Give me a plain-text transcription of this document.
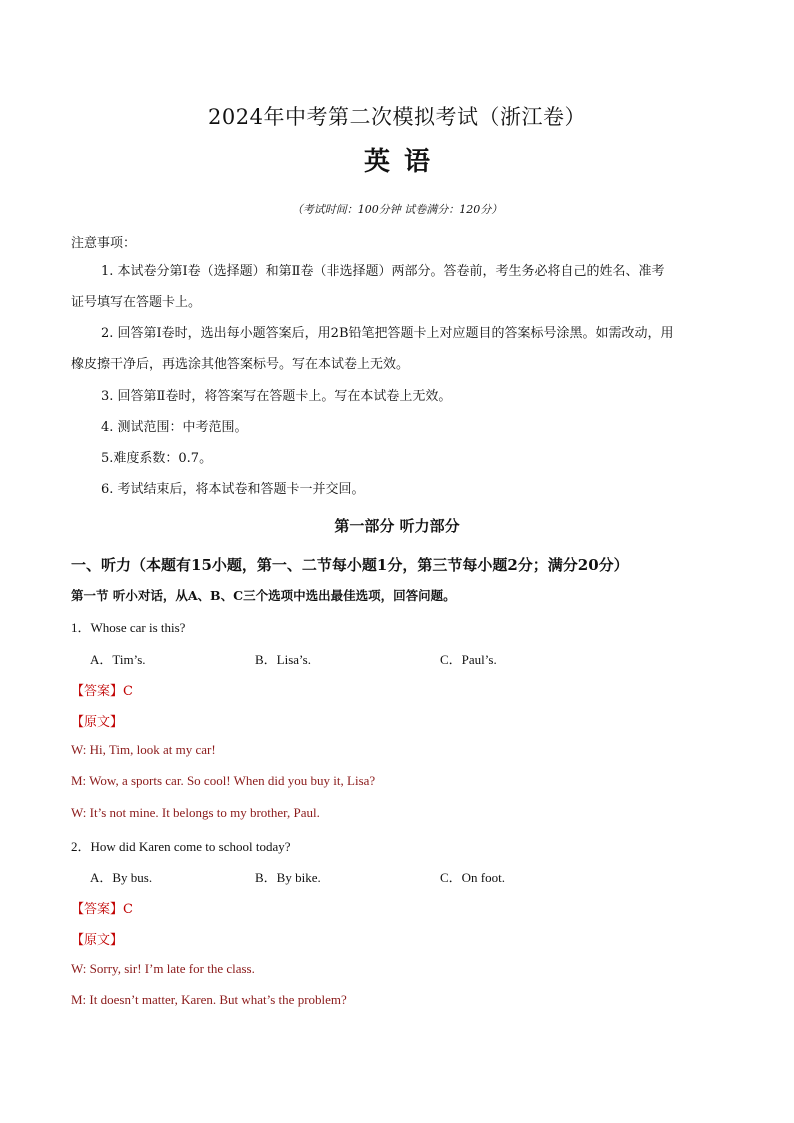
2024年中考第二次模拟考试（浙江卷）
英语
（考试时间：100分钟 试卷满分：120分）
注意事项：
1. 本试卷分第Ⅰ卷（选择题）和第Ⅱ卷（非选择题）两部分。答卷前，考生务必将自己的姓名、准考
证号填写在答题卡上。
2. 回答第Ⅰ卷时，选出每小题答案后，用2B铅笔把答题卡上对应题目的答案标号涂黑。如需改动，用
橡皮擦干净后，再选涂其他答案标号。写在本试卷上无效。
3. 回答第Ⅱ卷时，将答案写在答题卡上。写在本试卷上无效。
4. 测试范围：中考范围。
5.难度系数：0.7。
6. 考试结束后，将本试卷和答题卡一并交回。
第一部分 听力部分
一、听力（本题有15小题，第一、二节每小题1分，第三节每小题2分；满分20分）
第一节 听小对话，从A、B、C三个选项中选出最佳选项，回答问题。
1．Whose car is this?
A．Tim’s.	B．Lisa’s.	C．Paul’s.
【答案】C
【原文】
W: Hi, Tim, look at my car!
M: Wow, a sports car. So cool! When did you buy it, Lisa?
W: It’s not mine. It belongs to my brother, Paul.
2．How did Karen come to school today?
A．By bus.	B．By bike.	C．On foot.
【答案】C
【原文】
W: Sorry, sir! I’m late for the class.
M: It doesn’t matter, Karen. But what’s the problem?
